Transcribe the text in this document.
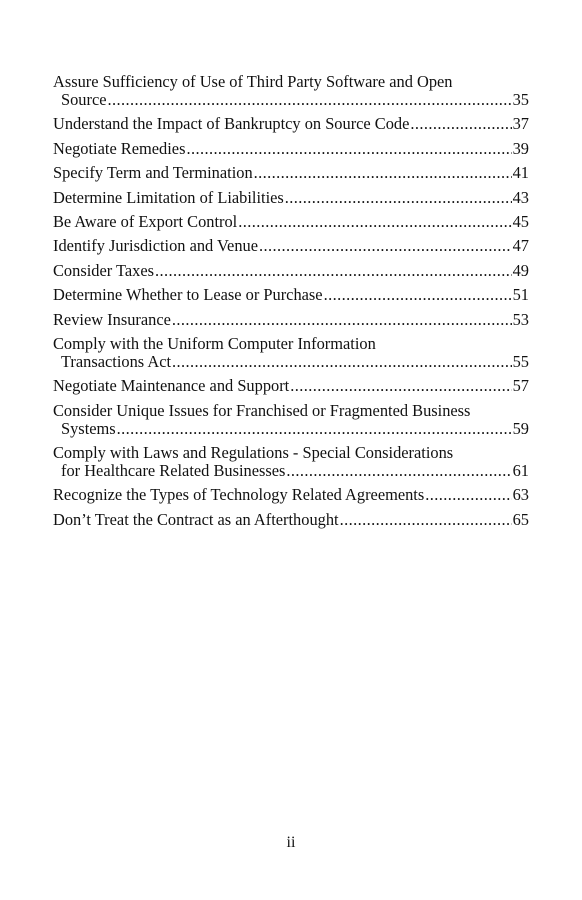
Assure Sufficiency of Use of Third Party Software and Open
Source .....	35
Understand the Impact of Bankruptcy on Source Code .....	37
Negotiate Remedies .....	39
Specify Term and Termination .....	41
Determine Limitation of Liabilities .....	43
Be Aware of Export Control .....	45
Identify Jurisdiction and Venue .....	47
Consider Taxes .....	49
Determine Whether to Lease or Purchase .....	51
Review Insurance .....	53
Comply with the Uniform Computer Information
Transactions Act .....	55
Negotiate Maintenance and Support .....	57
Consider Unique Issues for Franchised or Fragmented Business
Systems .....	59
Comply with Laws and Regulations - Special Considerations
for Healthcare Related Businesses .....	61
Recognize the Types of Technology Related Agreements .....	63
Don’t Treat the Contract as an Afterthought .....	65
ii
